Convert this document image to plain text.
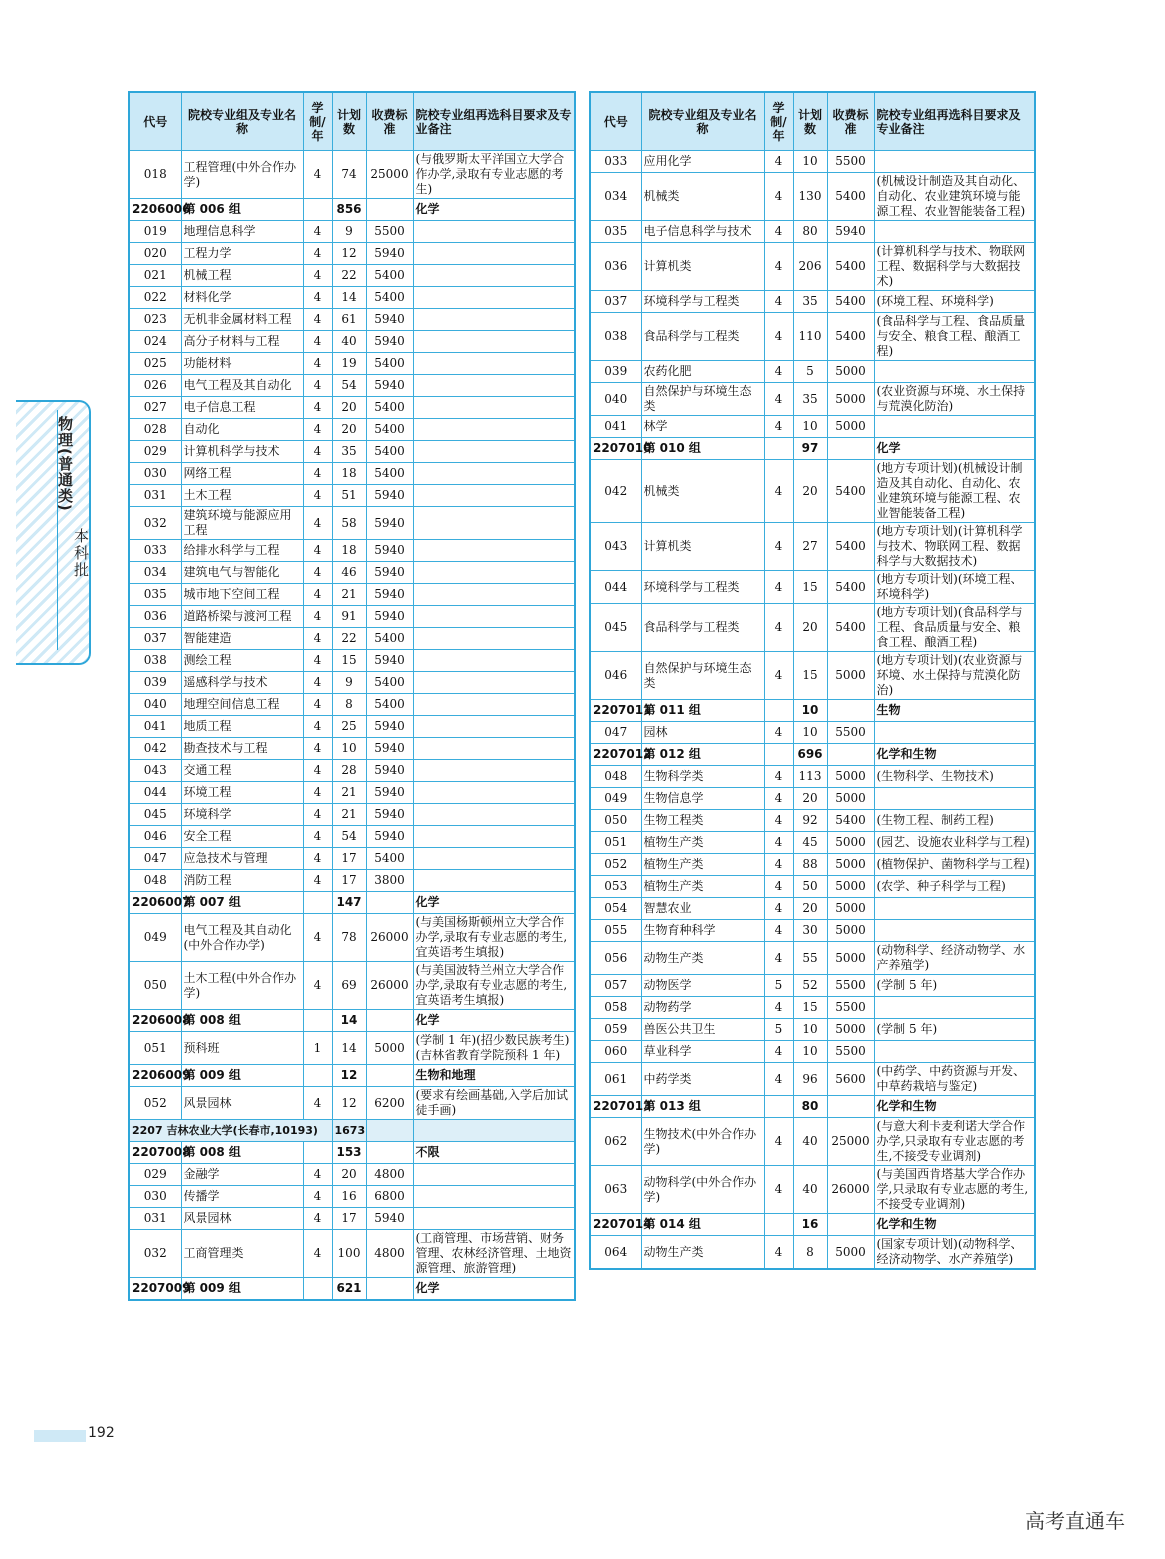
代号	院校专业组及专业名称	学制/年	计划数	收费标准	院校专业组再选科目要求及专业备注
018	工程管理(中外合作办学)	4	74	25000	(与俄罗斯太平洋国立大学合作办学,录取有专业志愿的考生)
2206006	第 006 组		856		化学
019	地理信息科学	4	9	5500	
020	工程力学	4	12	5940	
021	机械工程	4	22	5400	
022	材料化学	4	14	5400	
023	无机非金属材料工程	4	61	5940	
024	高分子材料与工程	4	40	5940	
025	功能材料	4	19	5400	
026	电气工程及其自动化	4	54	5940	
027	电子信息工程	4	20	5400	
028	自动化	4	20	5400	
029	计算机科学与技术	4	35	5400	
030	网络工程	4	18	5400	
031	土木工程	4	51	5940	
032	建筑环境与能源应用工程	4	58	5940	
033	给排水科学与工程	4	18	5940	
034	建筑电气与智能化	4	46	5940	
035	城市地下空间工程	4	21	5940	
036	道路桥梁与渡河工程	4	91	5940	
037	智能建造	4	22	5400	
038	测绘工程	4	15	5940	
039	遥感科学与技术	4	9	5400	
040	地理空间信息工程	4	8	5400	
041	地质工程	4	25	5940	
042	勘查技术与工程	4	10	5940	
043	交通工程	4	28	5940	
044	环境工程	4	21	5940	
045	环境科学	4	21	5940	
046	安全工程	4	54	5940	
047	应急技术与管理	4	17	5400	
048	消防工程	4	17	3800	
2206007	第 007 组		147		化学
049	电气工程及其自动化(中外合作办学)	4	78	26000	(与美国杨斯顿州立大学合作办学,录取有专业志愿的考生,宜英语考生填报)
050	土木工程(中外合作办学)	4	69	26000	(与美国波特兰州立大学合作办学,录取有专业志愿的考生,宜英语考生填报)
2206008	第 008 组		14		化学
051	预科班	1	14	5000	(学制 1 年)(招少数民族考生)(吉林省教育学院预科 1 年)
2206009	第 009 组		12		生物和地理
052	风景园林	4	12	6200	(要求有绘画基础,入学后加试徒手画)
2207 吉林农业大学(长春市,10193)			1673		
2207008	第 008 组		153		不限
029	金融学	4	20	4800	
030	传播学	4	16	6800	
031	风景园林	4	17	5940	
032	工商管理类	4	100	4800	(工商管理、市场营销、财务管理、农林经济管理、土地资源管理、旅游管理)
2207009	第 009 组		621		化学
代号	院校专业组及专业名称	学制/年	计划数	收费标准	院校专业组再选科目要求及专业备注
033	应用化学	4	10	5500	
034	机械类	4	130	5400	(机械设计制造及其自动化、自动化、农业建筑环境与能源工程、农业智能装备工程)
035	电子信息科学与技术	4	80	5940	
036	计算机类	4	206	5400	(计算机科学与技术、物联网工程、数据科学与大数据技术)
037	环境科学与工程类	4	35	5400	(环境工程、环境科学)
038	食品科学与工程类	4	110	5400	(食品科学与工程、食品质量与安全、粮食工程、酿酒工程)
039	农药化肥	4	5	5000	
040	自然保护与环境生态类	4	35	5000	(农业资源与环境、水土保持与荒漠化防治)
041	林学	4	10	5000	
2207010	第 010 组		97		化学
042	机械类	4	20	5400	(地方专项计划)(机械设计制造及其自动化、自动化、农业建筑环境与能源工程、农业智能装备工程)
043	计算机类	4	27	5400	(地方专项计划)(计算机科学与技术、物联网工程、数据科学与大数据技术)
044	环境科学与工程类	4	15	5400	(地方专项计划)(环境工程、环境科学)
045	食品科学与工程类	4	20	5400	(地方专项计划)(食品科学与工程、食品质量与安全、粮食工程、酿酒工程)
046	自然保护与环境生态类	4	15	5000	(地方专项计划)(农业资源与环境、水土保持与荒漠化防治)
2207011	第 011 组		10		生物
047	园林	4	10	5500	
2207012	第 012 组		696		化学和生物
048	生物科学类	4	113	5000	(生物科学、生物技术)
049	生物信息学	4	20	5000	
050	生物工程类	4	92	5400	(生物工程、制药工程)
051	植物生产类	4	45	5000	(园艺、设施农业科学与工程)
052	植物生产类	4	88	5000	(植物保护、菌物科学与工程)
053	植物生产类	4	50	5000	(农学、种子科学与工程)
054	智慧农业	4	20	5000	
055	生物育种科学	4	30	5000	
056	动物生产类	4	55	5000	(动物科学、经济动物学、水产养殖学)
057	动物医学	5	52	5500	(学制 5 年)
058	动物药学	4	15	5500	
059	兽医公共卫生	5	10	5000	(学制 5 年)
060	草业科学	4	10	5500	
061	中药学类	4	96	5600	(中药学、中药资源与开发、中草药栽培与鉴定)
2207013	第 013 组		80		化学和生物
062	生物技术(中外合作办学)	4	40	25000	(与意大利卡麦利诺大学合作办学,只录取有专业志愿的考生,不接受专业调剂)
063	动物科学(中外合作办学)	4	40	26000	(与美国西肯塔基大学合作办学,只录取有专业志愿的考生,不接受专业调剂)
2207014	第 014 组		16		化学和生物
064	动物生产类	4	8	5000	(国家专项计划)(动物科学、经济动物学、水产养殖学)
物理(普通类)
本科批
192
高考直通车
